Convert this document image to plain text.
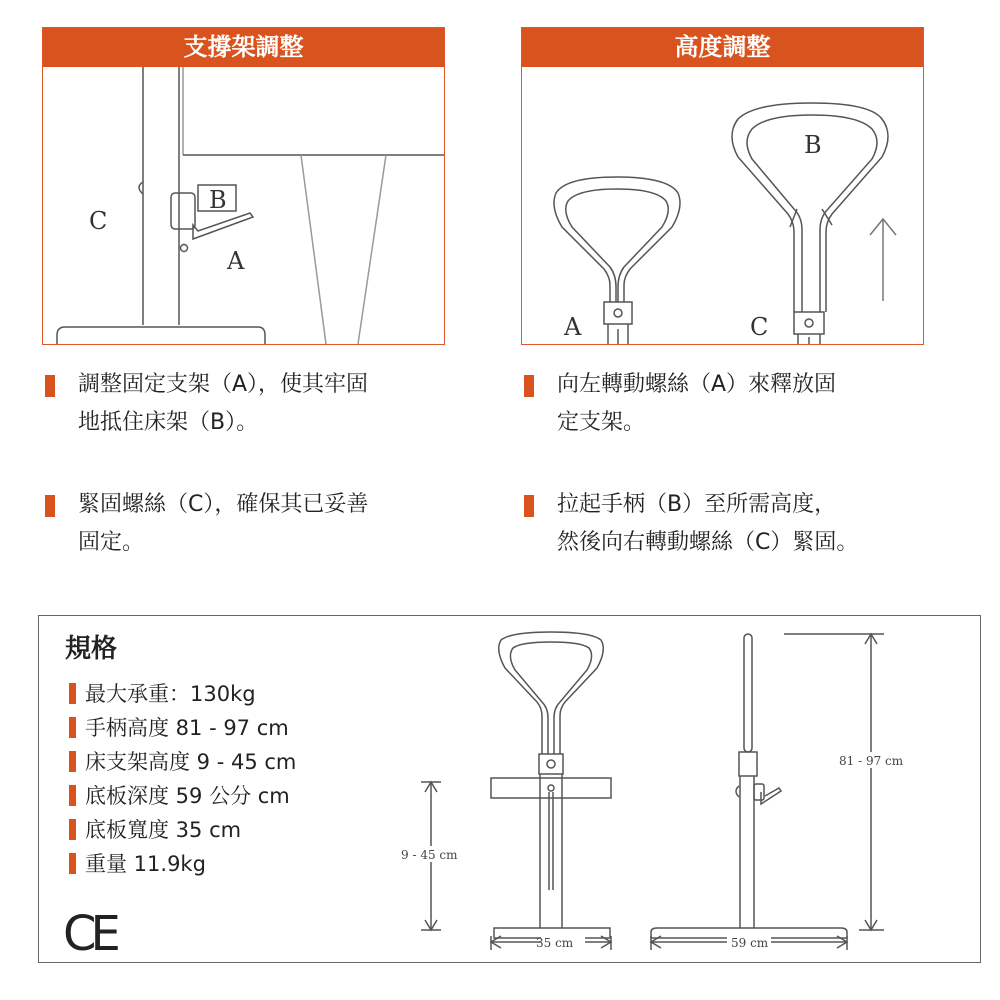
支撐架調整
C
B
A
高度調整
B
A	C
調整固定支架（A），使其牢固
地抵住床架（B）。
緊固螺絲（C），確保其已妥善
固定。
向左轉動螺絲（A）來釋放固
定支架。
拉起手柄（B）至所需高度，
然後向右轉動螺絲（C）緊固。
規格
最大承重：130kg
手柄高度 81 - 97 cm
床支架高度 9 - 45 cm
底板深度 59 公分 cm
底板寬度 35 cm
重量 11.9kg
CE	35 cm	59 cm
9 - 45 cm
81 - 97 cm
